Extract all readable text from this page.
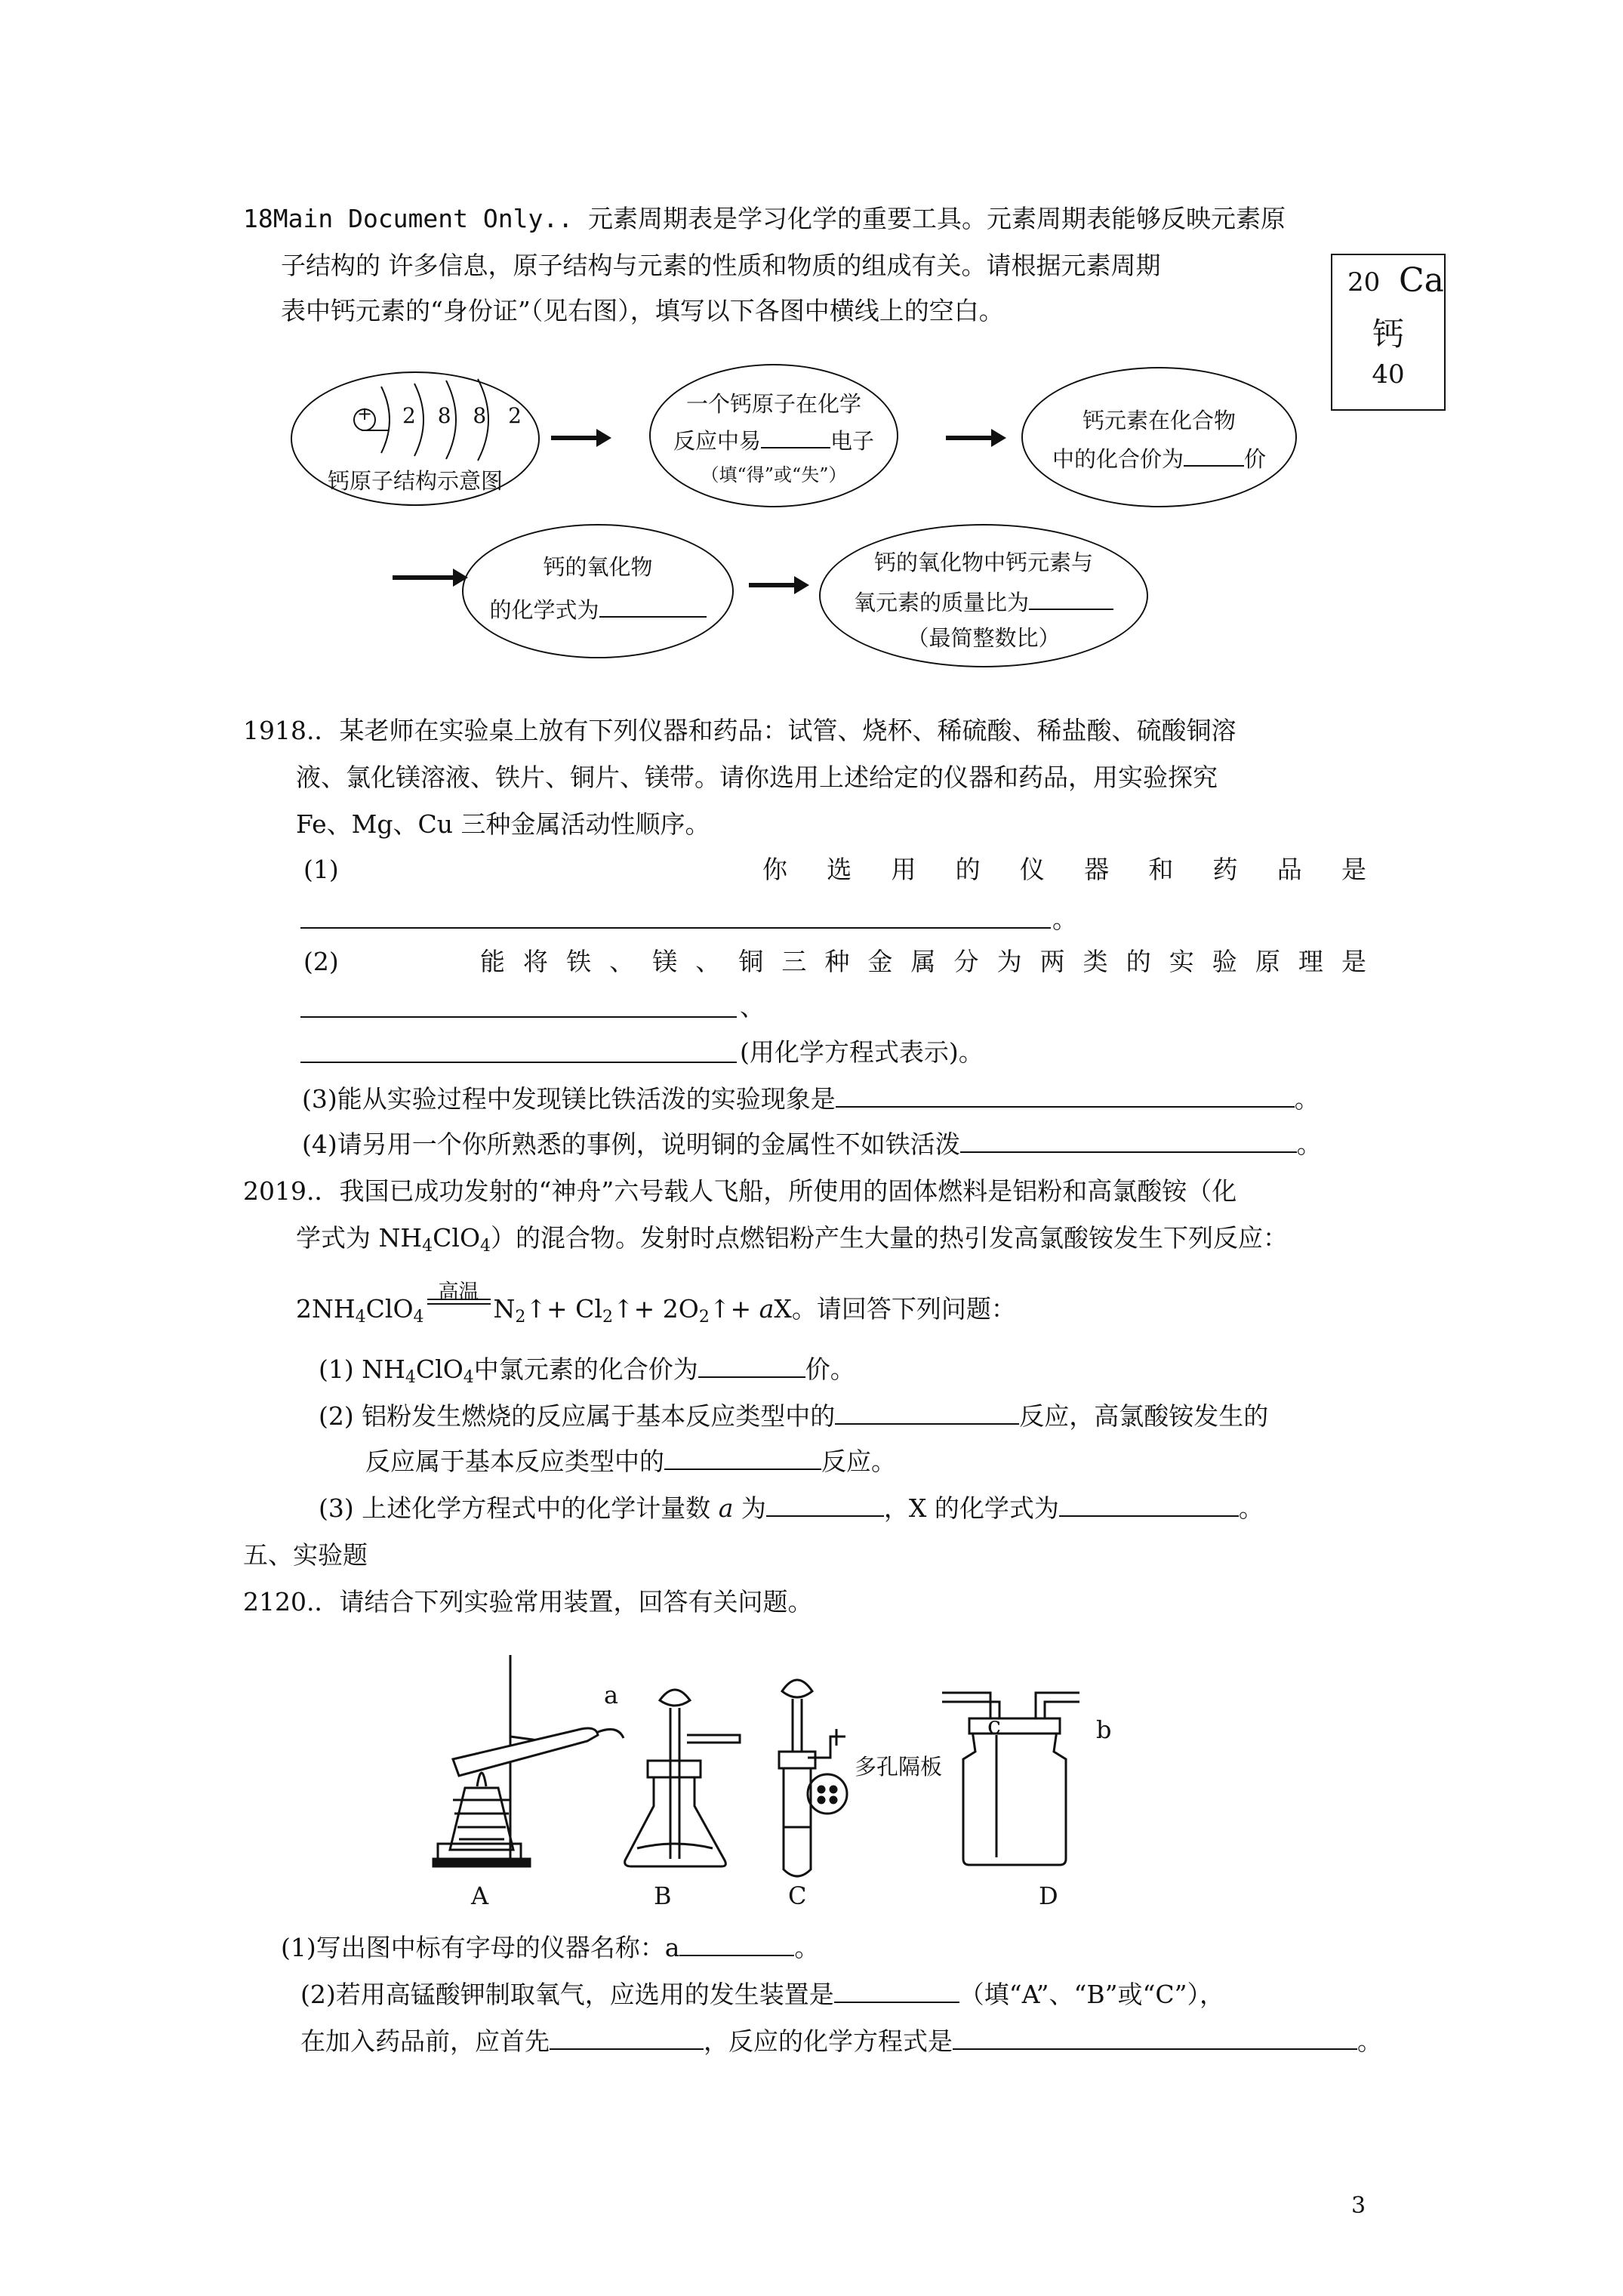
18Main Document Only.. 元素周期表是学习化学的重要工具。元素周期表能够反映元素原
子结构的 许多信息，原子结构与元素的性质和物质的组成有关。请根据元素周期
表中钙元素的“身份证”（见右图），填写以下各图中横线上的空白。
20 Ca
钙
40
+ 2 8 8 2
钙原子结构示意图
一个钙原子在化学
反应中易	电子
（填“得”或“失”）
钙元素在化合物
中的化合价为	价
钙的氧化物
的化学式为
钙的氧化物中钙元素与
氧元素的质量比为
（最简整数比）
1918.．某老师在实验桌上放有下列仪器和药品：试管、烧杯、稀硫酸、稀盐酸、硫酸铜溶
液、氯化镁溶液、铁片、铜片、镁带。请你选用上述给定的仪器和药品，用实验探究
Fe、Mg、Cu 三种金属活动性顺序。
(1)	你 选 用 的 仪 器 和 药 品 是
。
(2)	能 将 铁 、 镁 、 铜 三 种 金 属 分 为 两 类 的 实 验 原 理 是
、
(用化学方程式表示)。
(3)能从实验过程中发现镁比铁活泼的实验现象是	。
(4)请另用一个你所熟悉的事例，说明铜的金属性不如铁活泼	。
2019.．我国已成功发射的“神舟”六号载人飞船，所使用的固体燃料是铝粉和高氯酸铵（化
学式为 $NH_4ClO_4$）的混合物。发射时点燃铝粉产生大量的热引发高氯酸铵发生下列反应：
$2NH_4ClO_4$
高温
$N_2↑+$ $Cl_2↑+$ $2O_2↑+$ aX。请回答下列问题：
(1) $NH_4ClO_4$中氯元素的化合价为	价。
(2) 铝粉发生燃烧的反应属于基本反应类型中的	反应，高氯酸铵发生的
反应属于基本反应类型中的	反应。
(3) 上述化学方程式中的化学计量数 a 为	，X 的化学式为	。
五、实验题
2120.．请结合下列实验常用装置，回答有关问题。
a
c	b
多孔隔板
A	B	C	D
(1)写出图中标有字母的仪器名称：a	。
(2)若用高锰酸钾制取氧气，应选用的发生装置是	（填“A”、“B”或“C”），
在加入药品前，应首先	，反应的化学方程式是	。
3
